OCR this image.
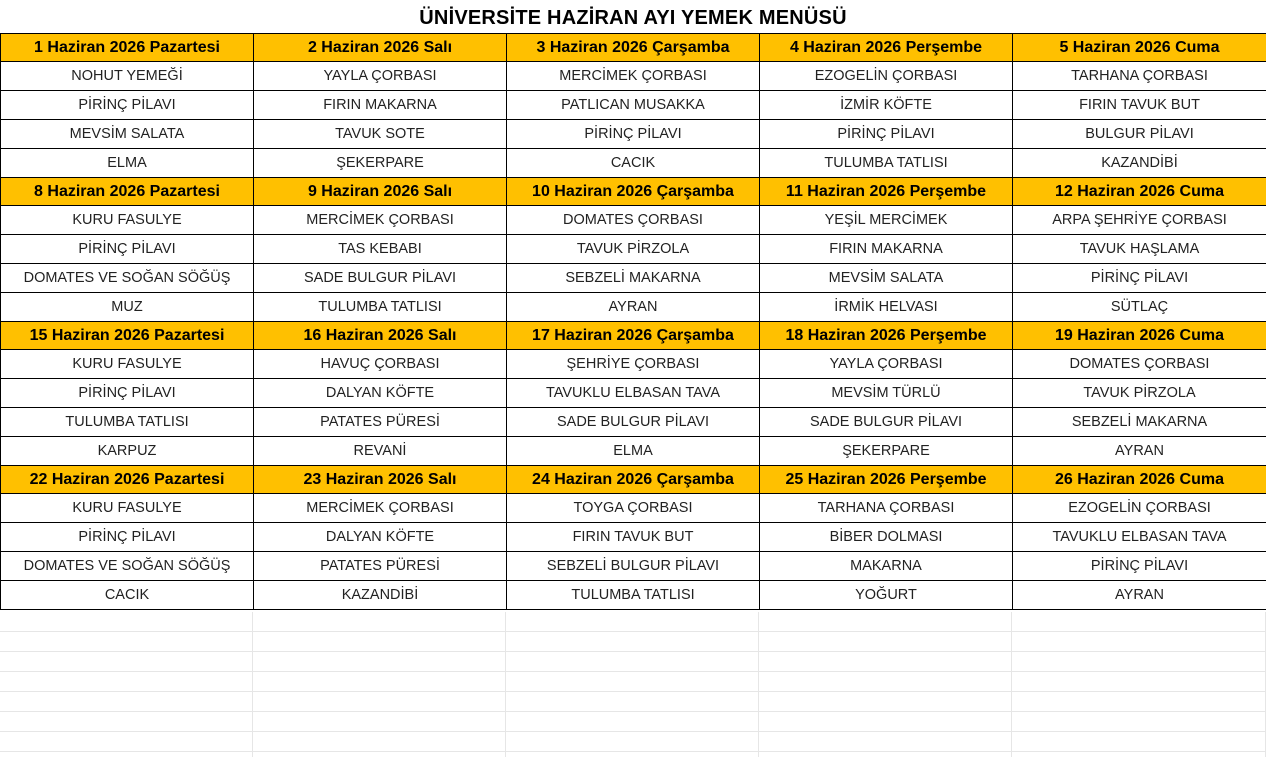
ÜNİVERSİTE HAZİRAN AYI YEMEK MENÜSÜ
1 Haziran 2026 Pazartesi	2 Haziran 2026 Salı	3 Haziran 2026 Çarşamba	4 Haziran 2026 Perşembe	5 Haziran 2026 Cuma
NOHUT YEMEĞİ	YAYLA ÇORBASI	MERCİMEK ÇORBASI	EZOGELİN ÇORBASI	TARHANA ÇORBASI
PİRİNÇ PİLAVI	FIRIN MAKARNA	PATLICAN MUSAKKA	İZMİR KÖFTE	FIRIN TAVUK BUT
MEVSİM SALATA	TAVUK SOTE	PİRİNÇ PİLAVI	PİRİNÇ PİLAVI	BULGUR PİLAVI
ELMA	ŞEKERPARE	CACIK	TULUMBA TATLISI	KAZANDİBİ
8 Haziran 2026 Pazartesi	9 Haziran 2026 Salı	10 Haziran 2026 Çarşamba	11 Haziran 2026 Perşembe	12 Haziran 2026 Cuma
KURU FASULYE	MERCİMEK ÇORBASI	DOMATES ÇORBASI	YEŞİL MERCİMEK	ARPA ŞEHRİYE ÇORBASI
PİRİNÇ PİLAVI	TAS KEBABI	TAVUK PİRZOLA	FIRIN MAKARNA	TAVUK HAŞLAMA
DOMATES VE SOĞAN SÖĞÜŞ	SADE BULGUR PİLAVI	SEBZELİ MAKARNA	MEVSİM SALATA	PİRİNÇ PİLAVI
MUZ	TULUMBA TATLISI	AYRAN	İRMİK HELVASI	SÜTLAÇ
15 Haziran 2026 Pazartesi	16 Haziran 2026 Salı	17 Haziran 2026 Çarşamba	18 Haziran 2026 Perşembe	19 Haziran 2026 Cuma
KURU FASULYE	HAVUÇ ÇORBASI	ŞEHRİYE ÇORBASI	YAYLA ÇORBASI	DOMATES ÇORBASI
PİRİNÇ PİLAVI	DALYAN KÖFTE	TAVUKLU ELBASAN TAVA	MEVSİM TÜRLÜ	TAVUK PİRZOLA
TULUMBA TATLISI	PATATES PÜRESİ	SADE BULGUR PİLAVI	SADE BULGUR PİLAVI	SEBZELİ MAKARNA
KARPUZ	REVANİ	ELMA	ŞEKERPARE	AYRAN
22 Haziran 2026 Pazartesi	23 Haziran 2026 Salı	24 Haziran 2026 Çarşamba	25 Haziran 2026 Perşembe	26 Haziran 2026 Cuma
KURU FASULYE	MERCİMEK ÇORBASI	TOYGA ÇORBASI	TARHANA ÇORBASI	EZOGELİN ÇORBASI
PİRİNÇ PİLAVI	DALYAN KÖFTE	FIRIN TAVUK BUT	BİBER DOLMASI	TAVUKLU ELBASAN TAVA
DOMATES VE SOĞAN SÖĞÜŞ	PATATES PÜRESİ	SEBZELİ BULGUR PİLAVI	MAKARNA	PİRİNÇ PİLAVI
CACIK	KAZANDİBİ	TULUMBA TATLISI	YOĞURT	AYRAN
